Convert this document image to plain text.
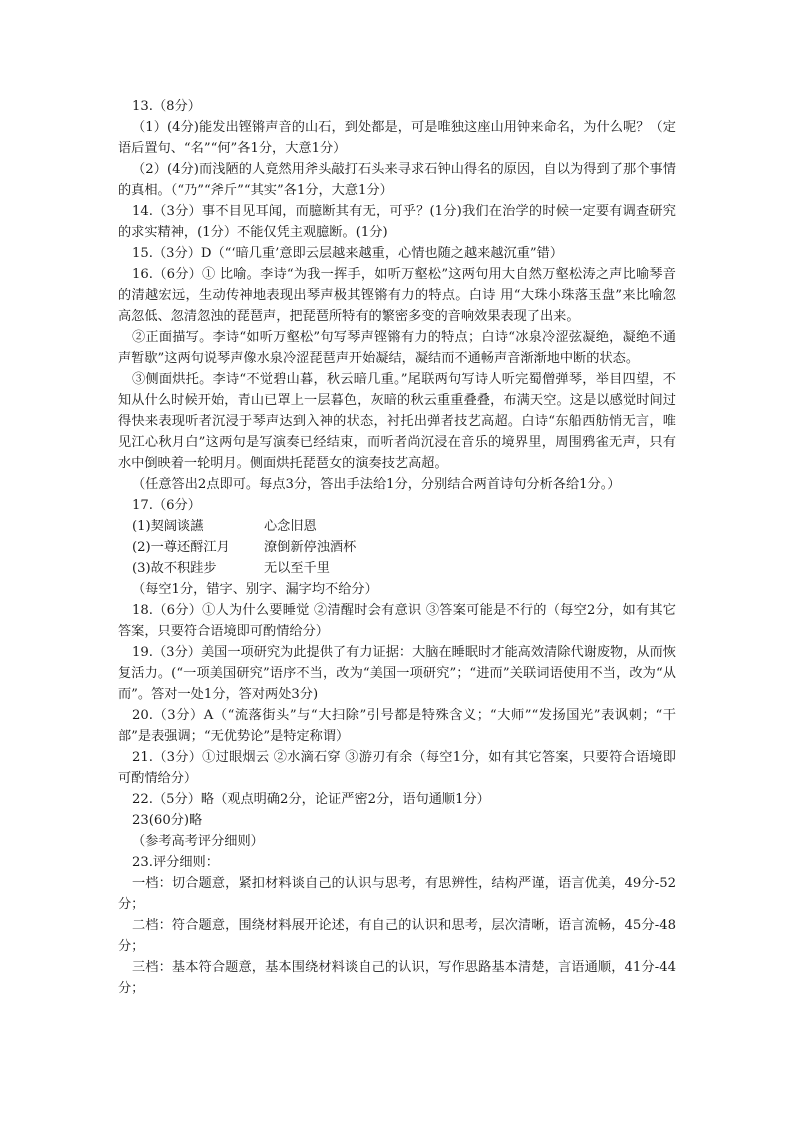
13.（8分）

（1）(4分)能发出铿锵声音的山石，到处都是，可是唯独这座山用钟来命名，为什么呢？（定语后置句、“名”“何”各1分，大意1分）

（2）(4分)而浅陋的人竟然用斧头敲打石头来寻求石钟山得名的原因，自以为得到了那个事情的真相。（“乃”“斧斤”“其实”各1分，大意1分）

14.（3分）事不目见耳闻，而臆断其有无，可乎？(1分)我们在治学的时候一定要有调查研究的求实精神，(1分）不能仅凭主观臆断。(1分)

15.（3分）D（“‘暗几重’意即云层越来越重，心情也随之越来越沉重”错）

16.（6分）① 比喻。李诗“为我一挥手，如听万壑松”这两句用大自然万壑松涛之声比喻琴音的清越宏远，生动传神地表现出琴声极其铿锵有力的特点。白诗 用“大珠小珠落玉盘”来比喻忽高忽低、忽清忽浊的琵琶声，把琵琶所特有的繁密多变的音响效果表现了出来。

②正面描写。李诗“如听万壑松”句写琴声铿锵有力的特点；白诗“冰泉冷涩弦凝绝，凝绝不通声暂歇”这两句说琴声像水泉冷涩琵琶声开始凝结，凝结而不通畅声音渐渐地中断的状态。

③侧面烘托。李诗“不觉碧山暮，秋云暗几重。”尾联两句写诗人听完蜀僧弹琴，举目四望，不知从什么时候开始，青山已罩上一层暮色，灰暗的秋云重重叠叠，布满天空。这是以感觉时间过得快来表现听者沉浸于琴声达到入神的状态，衬托出弹者技艺高超。白诗“东船西舫悄无言，唯见江心秋月白”这两句是写演奏已经结束，而听者尚沉浸在音乐的境界里，周围鸦雀无声，只有水中倒映着一轮明月。侧面烘托琵琶女的演奏技艺高超。

（任意答出2点即可。每点3分，答出手法给1分，分别结合两首诗句分析各给1分。）

17.（6分）

(1)契阔谈讌	心念旧恩
(2)一尊还酹江月	潦倒新停浊酒杯
(3)故不积跬步	无以至千里

（每空1分，错字、别字、漏字均不给分）

18.（6分）①人为什么要睡觉 ②清醒时会有意识 ③答案可能是不行的（每空2分，如有其它答案，只要符合语境即可酌情给分）

19.（3分）美国一项研究为此提供了有力证据：大脑在睡眠时才能高效清除代谢废物，从而恢复活力。(“一项美国研究”语序不当，改为“美国一项研究”；“进而”关联词语使用不当，改为“从而”。答对一处1分，答对两处3分)

20.（3分）A（“流落街头”与“大扫除”引号都是特殊含义；“大师”“发扬国光”表讽刺；“干部”是表强调；“无优势论”是特定称谓）

21.（3分）①过眼烟云 ②水滴石穿 ③游刃有余（每空1分，如有其它答案，只要符合语境即可酌情给分）

22.（5分）略（观点明确2分，论证严密2分，语句通顺1分）

23(60分)略

（参考高考评分细则）

23.评分细则：

一档：切合题意，紧扣材料谈自己的认识与思考，有思辨性，结构严谨，语言优美，49分-52分；

二档：符合题意，围绕材料展开论述，有自己的认识和思考，层次清晰，语言流畅，45分-48分；

三档：基本符合题意，基本围绕材料谈自己的认识，写作思路基本清楚，言语通顺，41分-44分；
